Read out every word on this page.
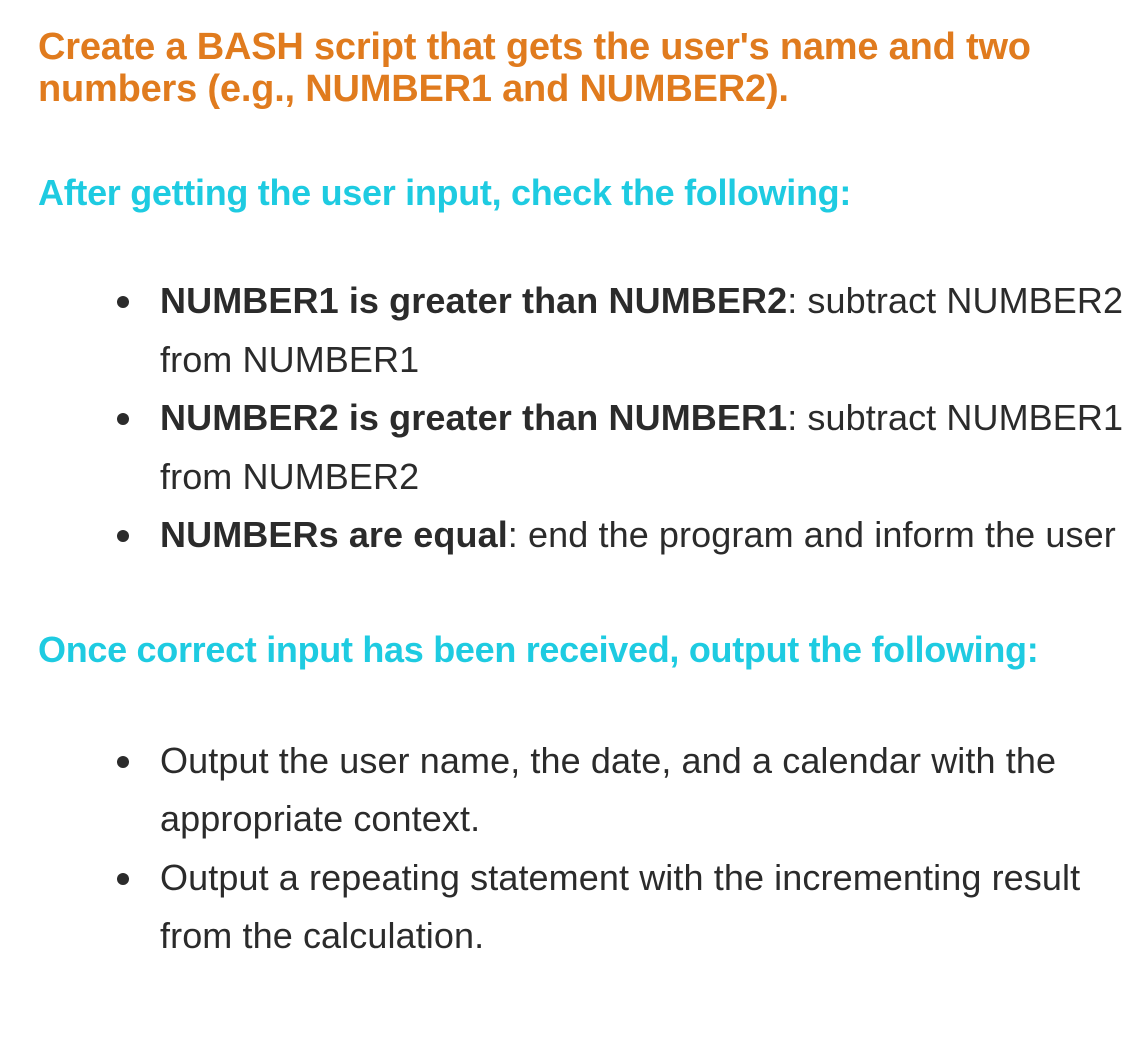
Create a BASH script that gets the user's name and two
numbers (e.g., NUMBER1 and NUMBER2).
After getting the user input, check the following:
NUMBER1 is greater than NUMBER2: subtract NUMBER2 from NUMBER1
NUMBER2 is greater than NUMBER1: subtract NUMBER1 from NUMBER2
NUMBERs are equal: end the program and inform the user
Once correct input has been received, output the following:
Output the user name, the date, and a calendar with the appropriate context.
Output a repeating statement with the incrementing result from the calculation.
